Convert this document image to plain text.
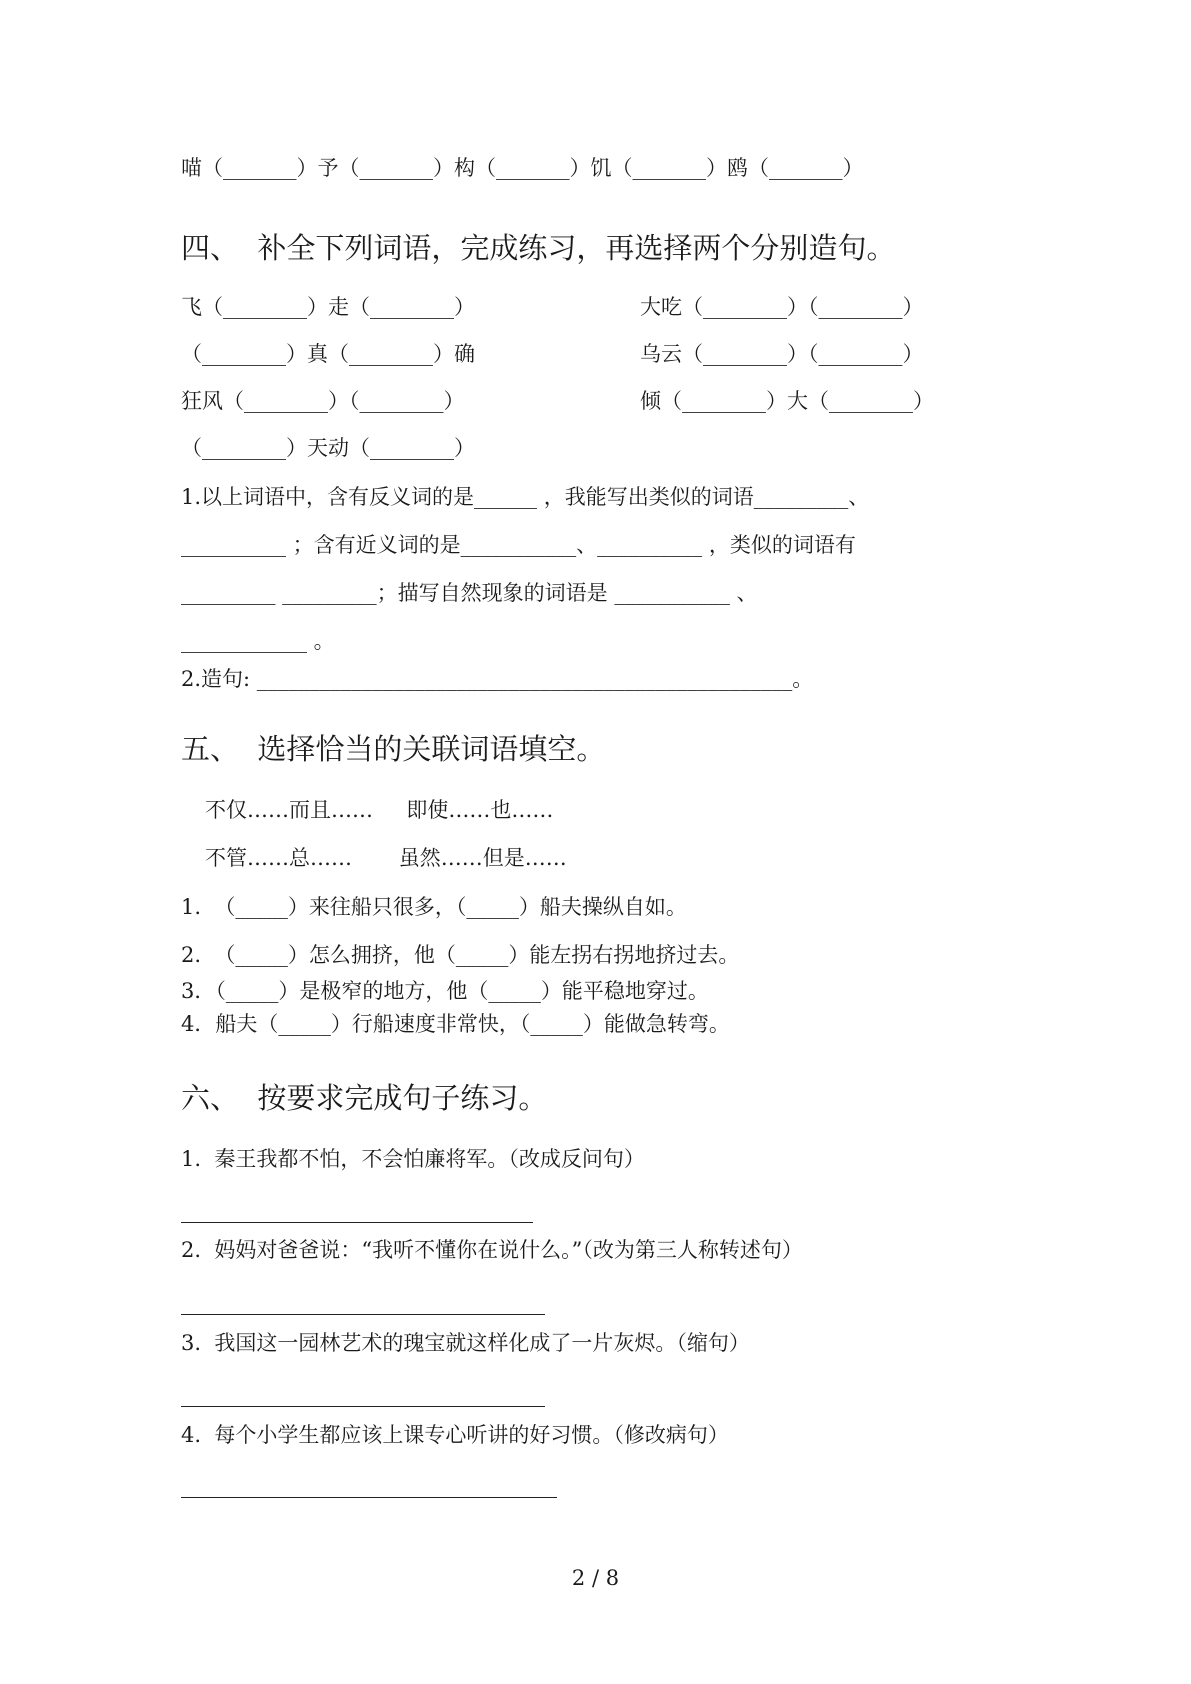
喵（_______）予（_______）构（_______）饥（_______）鸥（_______）
四、  补全下列词语，完成练习，再选择两个分别造句。
飞（________）走（________）	大吃（________）（________）
（________）真（________）确	乌云（________）（________）
狂风（________）（________）	倾（________）大（________）
（________）天动（________）
1.以上词语中，含有反义词的是______ ，我能写出类似的词语_________、
__________ ；含有近义词的是___________、__________ ，类似的词语有
_________ _________；描写自然现象的词语是 ___________ 、
____________ 。
2.造句: ___________________________________________________。
五、  选择恰当的关联词语填空。
不仅……而且……     即使……也……
不管……总……       虽然……但是……
1.  （_____）来往船只很多，（_____）船夫操纵自如。
2.  （_____）怎么拥挤，他（_____）能左拐右拐地挤过去。
3．（_____）是极窄的地方，他（_____）能平稳地穿过。
4．船夫（_____）行船速度非常快，（_____）能做急转弯。
六、  按要求完成句子练习。
1.  秦王我都不怕，不会怕廉将军。（改成反问句）
2.  妈妈对爸爸说：“我听不懂你在说什么。”（改为第三人称转述句）
3.  我国这一园林艺术的瑰宝就这样化成了一片灰烬。（缩句）
4.  每个小学生都应该上课专心听讲的好习惯。（修改病句）
2 / 8
